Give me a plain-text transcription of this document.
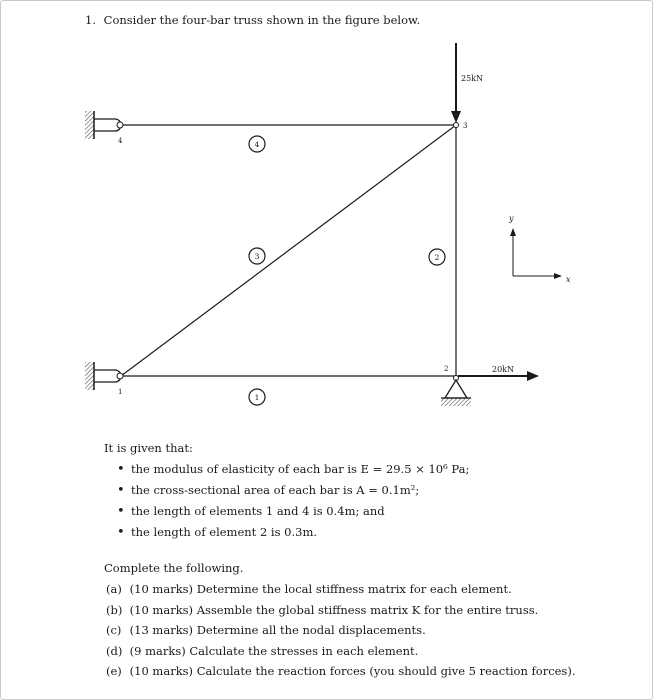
1. Consider the four-bar truss shown in the figure below.
25kN
20kN
4
1
3
2
4
3	2
1
y
x
It is given that:
• the modulus of elasticity of each bar is E = 29.5 × 10⁶ Pa;
• the cross-sectional area of each bar is A = 0.1m²;
• the length of elements 1 and 4 is 0.4m; and
• the length of element 2 is 0.3m.
Complete the following.
(a) (10 marks) Determine the local stiffness matrix for each element.
(b) (10 marks) Assemble the global stiffness matrix K for the entire truss.
(c) (13 marks) Determine all the nodal displacements.
(d) (9 marks) Calculate the stresses in each element.
(e) (10 marks) Calculate the reaction forces (you should give 5 reaction forces).
